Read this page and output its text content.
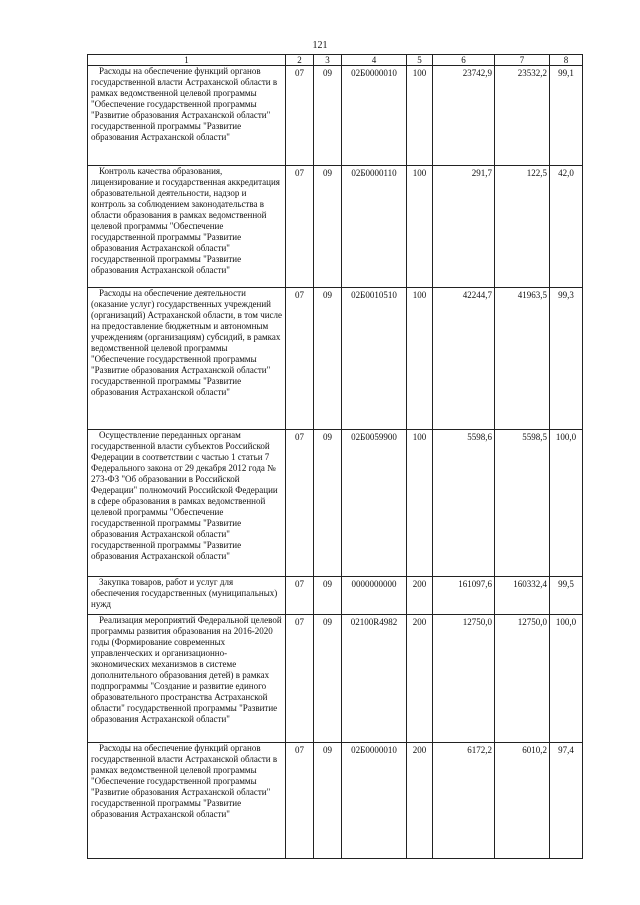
121
1	2	3	4	5	6	7	8

Расходы на обеспечение функций органов государственной власти Астраханской области в рамках ведомственной целевой программы "Обеспечение государственной программы "Развитие образования Астраханской области" государственной программы "Развитие образования Астраханской области"	07	09	02Б0000010	100	23742,9	23532,2	99,1

Контроль качества образования, лицензирование и государственная аккредитация образовательной деятельности, надзор и контроль за соблюдением законодательства в области образования в рамках ведомственной целевой программы "Обеспечение государственной программы "Развитие образования Астраханской области" государственной программы "Развитие образования Астраханской области"	07	09	02Б0000110	100	291,7	122,5	42,0

Расходы на обеспечение деятельности (оказание услуг) государственных учреждений (организаций) Астраханской области, в том числе на предоставление бюджетным и автономным учреждениям (организациям) субсидий, в рамках ведомственной целевой программы "Обеспечение государственной программы "Развитие образования Астраханской области" государственной программы "Развитие образования Астраханской области"	07	09	02Б0010510	100	42244,7	41963,5	99,3

Осуществление переданных органам государственной власти субъектов Российской Федерации в соответствии с частью 1 статьи 7 Федерального закона от 29 декабря 2012 года № 273-ФЗ "Об образовании в Российской Федерации" полномочий Российской Федерации в сфере образования в рамках ведомственной целевой программы "Обеспечение государственной программы "Развитие образования Астраханской области" государственной программы "Развитие образования Астраханской области"	07	09	02Б0059900	100	5598,6	5598,5	100,0

Закупка товаров, работ и услуг для обеспечения государственных (муниципальных) нужд	07	09	0000000000	200	161097,6	160332,4	99,5

Реализация мероприятий Федеральной целевой программы развития образования на 2016-2020 годы (Формирование современных управленческих и организационно-экономических механизмов в системе дополнительного образования детей) в рамках подпрограммы "Создание и развитие единого образовательного пространства Астраханской области" государственной программы "Развитие образования Астраханской области"	07	09	02100R4982	200	12750,0	12750,0	100,0

Расходы на обеспечение функций органов государственной власти Астраханской области в рамках ведомственной целевой программы "Обеспечение государственной программы "Развитие образования Астраханской области" государственной программы "Развитие образования Астраханской области"	07	09	02Б0000010	200	6172,2	6010,2	97,4
